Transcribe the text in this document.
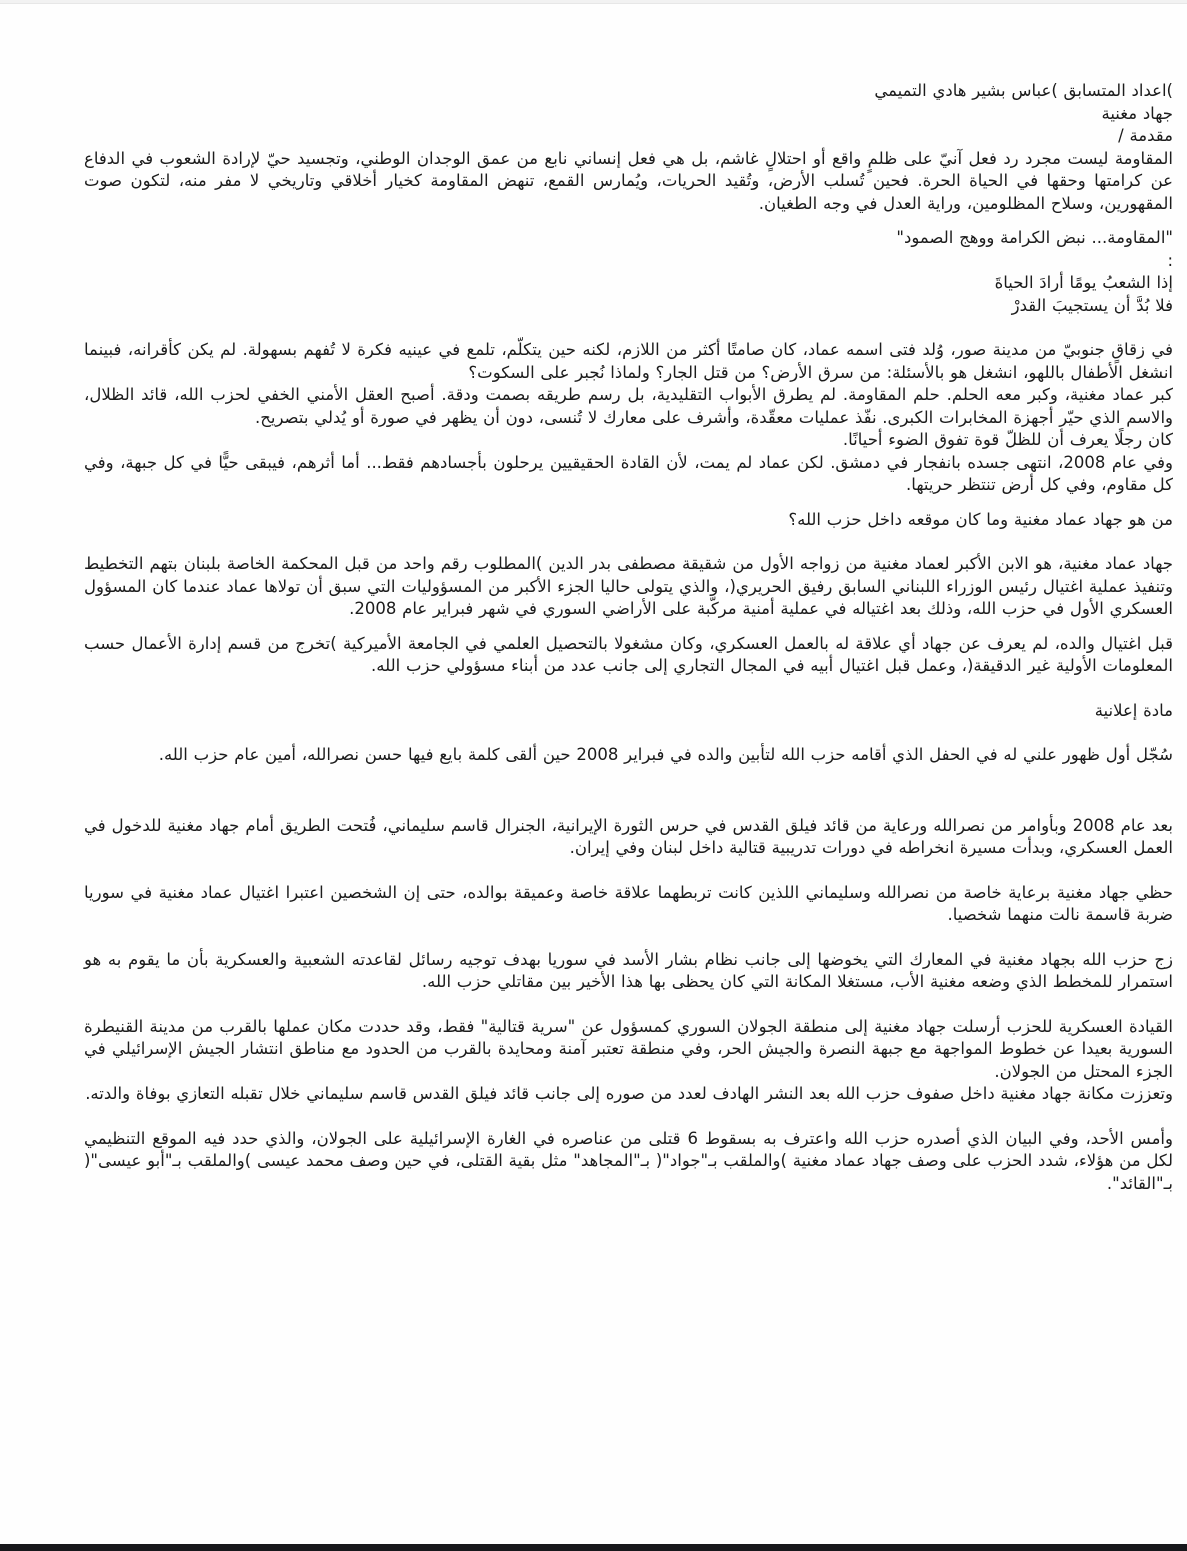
)اعداد المتسابق )عباس بشير هادي التميمي

جهاد مغنية

مقدمة /

المقاومة ليست مجرد رد فعل آنيّ على ظلمٍ واقع أو احتلالٍ غاشم، بل هي فعل إنساني نابع من عمق الوجدان الوطني، وتجسيد حيّ لإرادة الشعوب في الدفاع عن كرامتها وحقها في الحياة الحرة. فحين تُسلب الأرض، وتُقيد الحريات، ويُمارس القمع، تنهض المقاومة كخيار أخلاقي وتاريخي لا مفر منه، لتكون صوت المقهورين، وسلاح المظلومين، وراية العدل في وجه الطغيان.

"المقاومة... نبض الكرامة ووهج الصمود"

:

إذا الشعبُ يومًا أرادَ الحياةَ

فلا بُدَّ أن يستجيبَ القدرْ

في زقاقٍ جنوبيّ من مدينة صور، وُلد فتى اسمه عماد، كان صامتًا أكثر من اللازم، لكنه حين يتكلّم، تلمع في عينيه فكرة لا تُفهم بسهولة. لم يكن كأقرانه، فبينما انشغل الأطفال باللهو، انشغل هو بالأسئلة: من سرق الأرض؟ من قتل الجار؟ ولماذا نُجبر على السكوت؟

كبر عماد مغنية، وكبر معه الحلم. حلم المقاومة. لم يطرق الأبواب التقليدية، بل رسم طريقه بصمت ودقة. أصبح العقل الأمني الخفي لحزب الله، قائد الظلال، والاسم الذي حيّر أجهزة المخابرات الكبرى. نفّذ عمليات معقّدة، وأشرف على معارك لا تُنسى، دون أن يظهر في صورة أو يُدلي بتصريح.

كان رجلًا يعرف أن للظلّ قوة تفوق الضوء أحيانًا.

وفي عام 2008، انتهى جسده بانفجار في دمشق. لكن عماد لم يمت، لأن القادة الحقيقيين يرحلون بأجسادهم فقط... أما أثرهم، فيبقى حيًّا في كل جبهة، وفي كل مقاوم، وفي كل أرض تنتظر حريتها.

من هو جهاد عماد مغنية وما كان موقعه داخل حزب الله؟

جهاد عماد مغنية، هو الابن الأكبر لعماد مغنية من زواجه الأول من شقيقة مصطفى بدر الدين )المطلوب رقم واحد من قبل المحكمة الخاصة بلبنان بتهم التخطيط وتنفيذ عملية اغتيال رئيس الوزراء اللبناني السابق رفيق الحريري(، والذي يتولى حاليا الجزء الأكبر من المسؤوليات التي سبق أن تولاها عماد عندما كان المسؤول العسكري الأول في حزب الله، وذلك بعد اغتياله في عملية أمنية مركّبة على الأراضي السوري في شهر فبراير عام 2008.

قبل اغتيال والده، لم يعرف عن جهاد أي علاقة له بالعمل العسكري، وكان مشغولا بالتحصيل العلمي في الجامعة الأميركية )تخرج من قسم إدارة الأعمال حسب المعلومات الأولية غير الدقيقة(، وعمل قبل اغتيال أبيه في المجال التجاري إلى جانب عدد من أبناء مسؤولي حزب الله.

مادة إعلانية

سُجّل أول ظهور علني له في الحفل الذي أقامه حزب الله لتأبين والده في فبراير 2008 حين ألقى كلمة بايع فيها حسن نصرالله، أمين عام حزب الله.

بعد عام 2008 وبأوامر من نصرالله ورعاية من قائد فيلق القدس في حرس الثورة الإيرانية، الجنرال قاسم سليماني، فُتحت الطريق أمام جهاد مغنية للدخول في العمل العسكري، وبدأت مسيرة انخراطه في دورات تدريبية قتالية داخل لبنان وفي إيران.

حظي جهاد مغنية برعاية خاصة من نصرالله وسليماني اللذين كانت تربطهما علاقة خاصة وعميقة بوالده، حتى إن الشخصين اعتبرا اغتيال عماد مغنية في سوريا ضربة قاسمة نالت منهما شخصيا.

زج حزب الله بجهاد مغنية في المعارك التي يخوضها إلى جانب نظام بشار الأسد في سوريا بهدف توجيه رسائل لقاعدته الشعبية والعسكرية بأن ما يقوم به هو استمرار للمخطط الذي وضعه مغنية الأب، مستغلا المكانة التي كان يحظى بها هذا الأخير بين مقاتلي حزب الله.

القيادة العسكرية للحزب أرسلت جهاد مغنية إلى منطقة الجولان السوري كمسؤول عن "سرية قتالية" فقط، وقد حددت مكان عملها بالقرب من مدينة القنيطرة السورية بعيدا عن خطوط المواجهة مع جبهة النصرة والجيش الحر، وفي منطقة تعتبر آمنة ومحايدة بالقرب من الحدود مع مناطق انتشار الجيش الإسرائيلي في الجزء المحتل من الجولان.

وتعززت مكانة جهاد مغنية داخل صفوف حزب الله بعد النشر الهادف لعدد من صوره إلى جانب قائد فيلق القدس قاسم سليماني خلال تقبله التعازي بوفاة والدته.

وأمس الأحد، وفي البيان الذي أصدره حزب الله واعترف به بسقوط 6 قتلى من عناصره في الغارة الإسرائيلية على الجولان، والذي حدد فيه الموقع التنظيمي لكل من هؤلاء، شدد الحزب على وصف جهاد عماد مغنية )والملقب بـ"جواد"( بـ"المجاهد" مثل بقية القتلى، في حين وصف محمد عيسى )والملقب بـ"أبو عيسى"( بـ"القائد".
